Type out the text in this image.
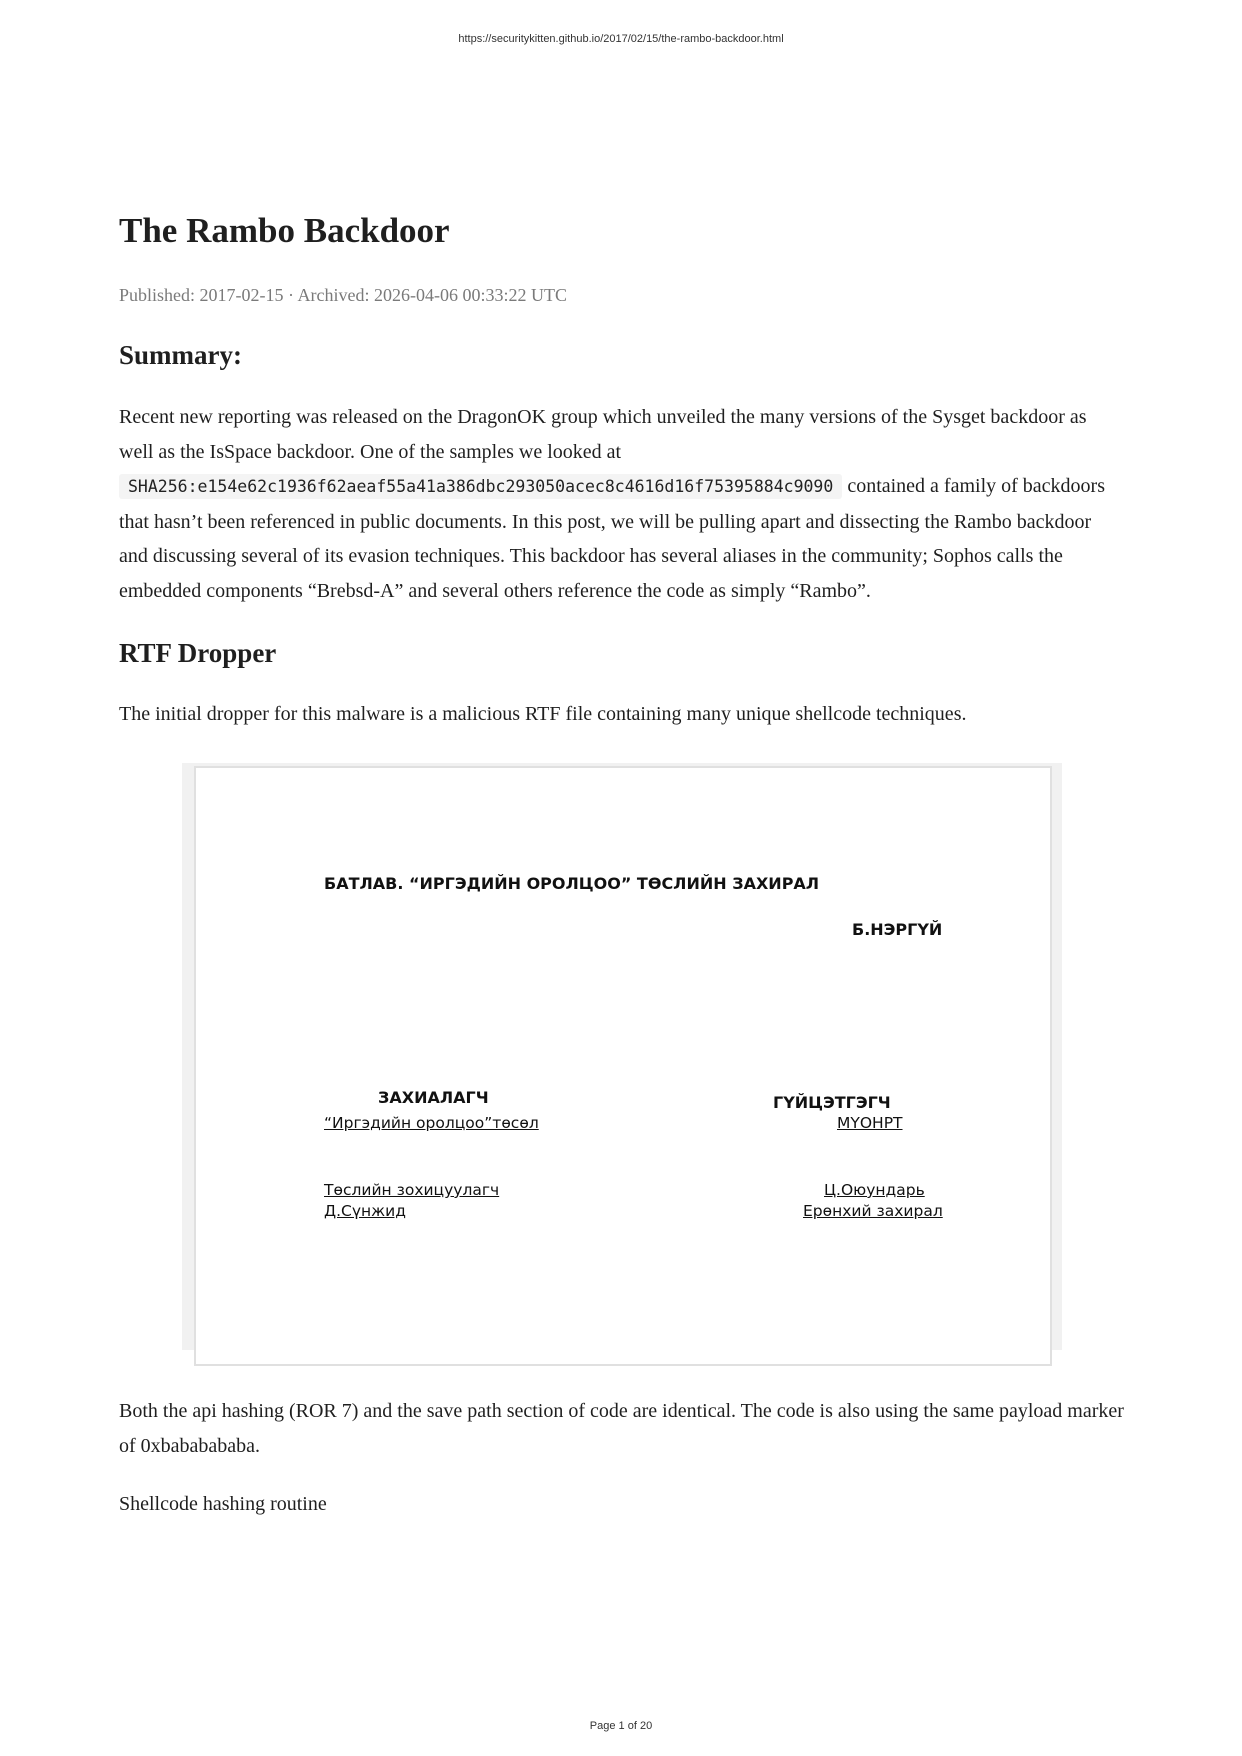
https://securitykitten.github.io/2017/02/15/the-rambo-backdoor.html
The Rambo Backdoor
Published: 2017-02-15 · Archived: 2026-04-06 00:33:22 UTC
Summary:

Recent new reporting was released on the DragonOK group which unveiled the many versions of the Sysget backdoor as well as the IsSpace backdoor. One of the samples we looked at SHA256:e154e62c1936f62aeaf55a41a386dbc293050acec8c4616d16f75395884c9090 contained a family of backdoors that hasn’t been referenced in public documents. In this post, we will be pulling apart and dissecting the Rambo backdoor and discussing several of its evasion techniques. This backdoor has several aliases in the community; Sophos calls the embedded components “Brebsd-A” and several others reference the code as simply “Rambo”.

RTF Dropper

The initial dropper for this malware is a malicious RTF file containing many unique shellcode techniques.

Both the api hashing (ROR 7) and the save path section of code are identical. The code is also using the same payload marker of 0xbababababa.

Shellcode hashing routine

БАТЛАВ. “ИРГЭДИЙН ОРОЛЦОО” ТӨСЛИЙН ЗАХИРАЛ
Б.НЭРГҮЙ
ЗАХИАЛАГЧ
“Иргэдийн оролцоо”төсөл
ГҮЙЦЭТГЭГЧ
МҮОНРТ
Төслийн зохицуулагч
Д.Сүнжид
Ц.Оюундарь
Ерөнхий захирал
Page 1 of 20
